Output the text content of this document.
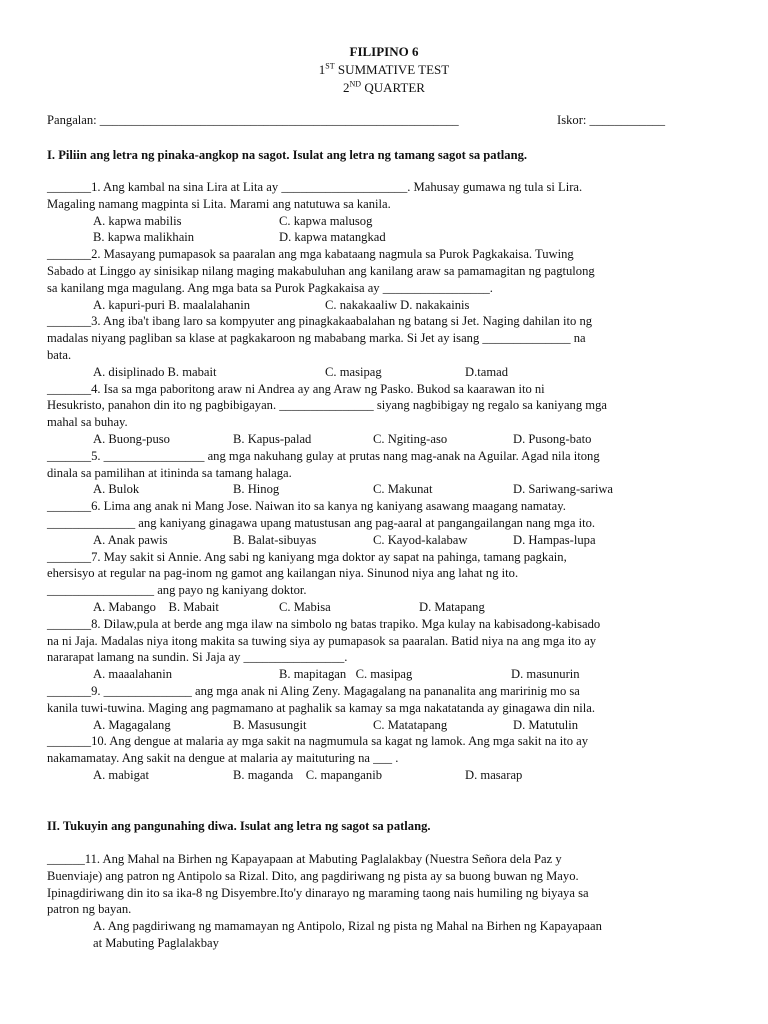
FILIPINO 6
1ST SUMMATIVE TEST
2ND QUARTER
Pangalan: _________________________________________________________	Iskor: ____________
I. Piliin ang letra ng pinaka-angkop na sagot. Isulat ang letra ng tamang sagot sa patlang.
_______1. Ang kambal na sina Lira at Lita ay ____________________. Mahusay gumawa ng tula si Lira.
Magaling namang magpinta si Lita. Marami ang natutuwa sa kanila.
A. kapwa mabilis	C. kapwa malusog
B. kapwa malikhain	D. kapwa matangkad
_______2. Masayang pumapasok sa paaralan ang mga kabataang nagmula sa Purok Pagkakaisa. Tuwing
Sabado at Linggo ay sinisikap nilang maging makabuluhan ang kanilang araw sa pamamagitan ng pagtulong
sa kanilang mga magulang. Ang mga bata sa Purok Pagkakaisa ay _________________.
A. kapuri-puri B. maalalahanin	C. nakakaaliw D. nakakainis
_______3. Ang iba't ibang laro sa kompyuter ang pinagkakaabalahan ng batang si Jet. Naging dahilan ito ng
madalas niyang pagliban sa klase at pagkakaroon ng mababang marka. Si Jet ay isang ______________ na
bata.
A. disiplinado B. mabait	C. masipag	D.tamad
_______4. Isa sa mga paboritong araw ni Andrea ay ang Araw ng Pasko. Bukod sa kaarawan ito ni
Hesukristo, panahon din ito ng pagbibigayan. _______________ siyang nagbibigay ng regalo sa kaniyang mga
mahal sa buhay.
A. Buong-puso	B. Kapus-palad	C. Ngiting-aso	D. Pusong-bato
_______5. ________________ ang mga nakuhang gulay at prutas nang mag-anak na Aguilar. Agad nila itong
dinala sa pamilihan at itininda sa tamang halaga.
A. Bulok	B. Hinog	C. Makunat	D. Sariwang-sariwa
_______6. Lima ang anak ni Mang Jose. Naiwan ito sa kanya ng kaniyang asawang maagang namatay.
______________ ang kaniyang ginagawa upang matustusan ang pag-aaral at pangangailangan nang mga ito.
A. Anak pawis	B. Balat-sibuyas	C. Kayod-kalabaw	D. Hampas-lupa
_______7. May sakit si Annie. Ang sabi ng kaniyang mga doktor ay sapat na pahinga, tamang pagkain,
ehersisyo at regular na pag-inom ng gamot ang kailangan niya. Sinunod niya ang lahat ng ito.
_________________ ang payo ng kaniyang doktor.
A. Mabango    B. Mabait	C. Mabisa	D. Matapang
_______8. Dilaw,pula at berde ang mga ilaw na simbolo ng batas trapiko. Mga kulay na kabisadong-kabisado
na ni Jaja. Madalas niya itong makita sa tuwing siya ay pumapasok sa paaralan. Batid niya na ang mga ito ay
nararapat lamang na sundin. Si Jaja ay ________________.
A. maaalahanin	B. mapitagan   C. masipag	D. masunurin
_______9. ______________ ang mga anak ni Aling Zeny. Magagalang na pananalita ang maririnig mo sa
kanila tuwi-tuwina. Maging ang pagmamano at paghalik sa kamay sa mga nakatatanda ay ginagawa din nila.
A. Magagalang	B. Masusungit	C. Matatapang	D. Matutulin
_______10. Ang dengue at malaria ay mga sakit na nagmumula sa kagat ng lamok. Ang mga sakit na ito ay
nakamamatay. Ang sakit na dengue at malaria ay maituturing na ___ .
A. mabigat	B. maganda    C. mapanganib	D. masarap
II. Tukuyin ang pangunahing diwa. Isulat ang letra ng sagot sa patlang.
______11. Ang Mahal na Birhen ng Kapayapaan at Mabuting Paglalakbay (Nuestra Señora dela Paz y
Buenviaje) ang patron ng Antipolo sa Rizal. Dito, ang pagdiriwang ng pista ay sa buong buwan ng Mayo.
Ipinagdiriwang din ito sa ika-8 ng Disyembre.Ito'y dinarayo ng maraming taong nais humiling ng biyaya sa
patron ng bayan.
A. Ang pagdiriwang ng mamamayan ng Antipolo, Rizal ng pista ng Mahal na Birhen ng Kapayapaan
at Mabuting Paglalakbay
